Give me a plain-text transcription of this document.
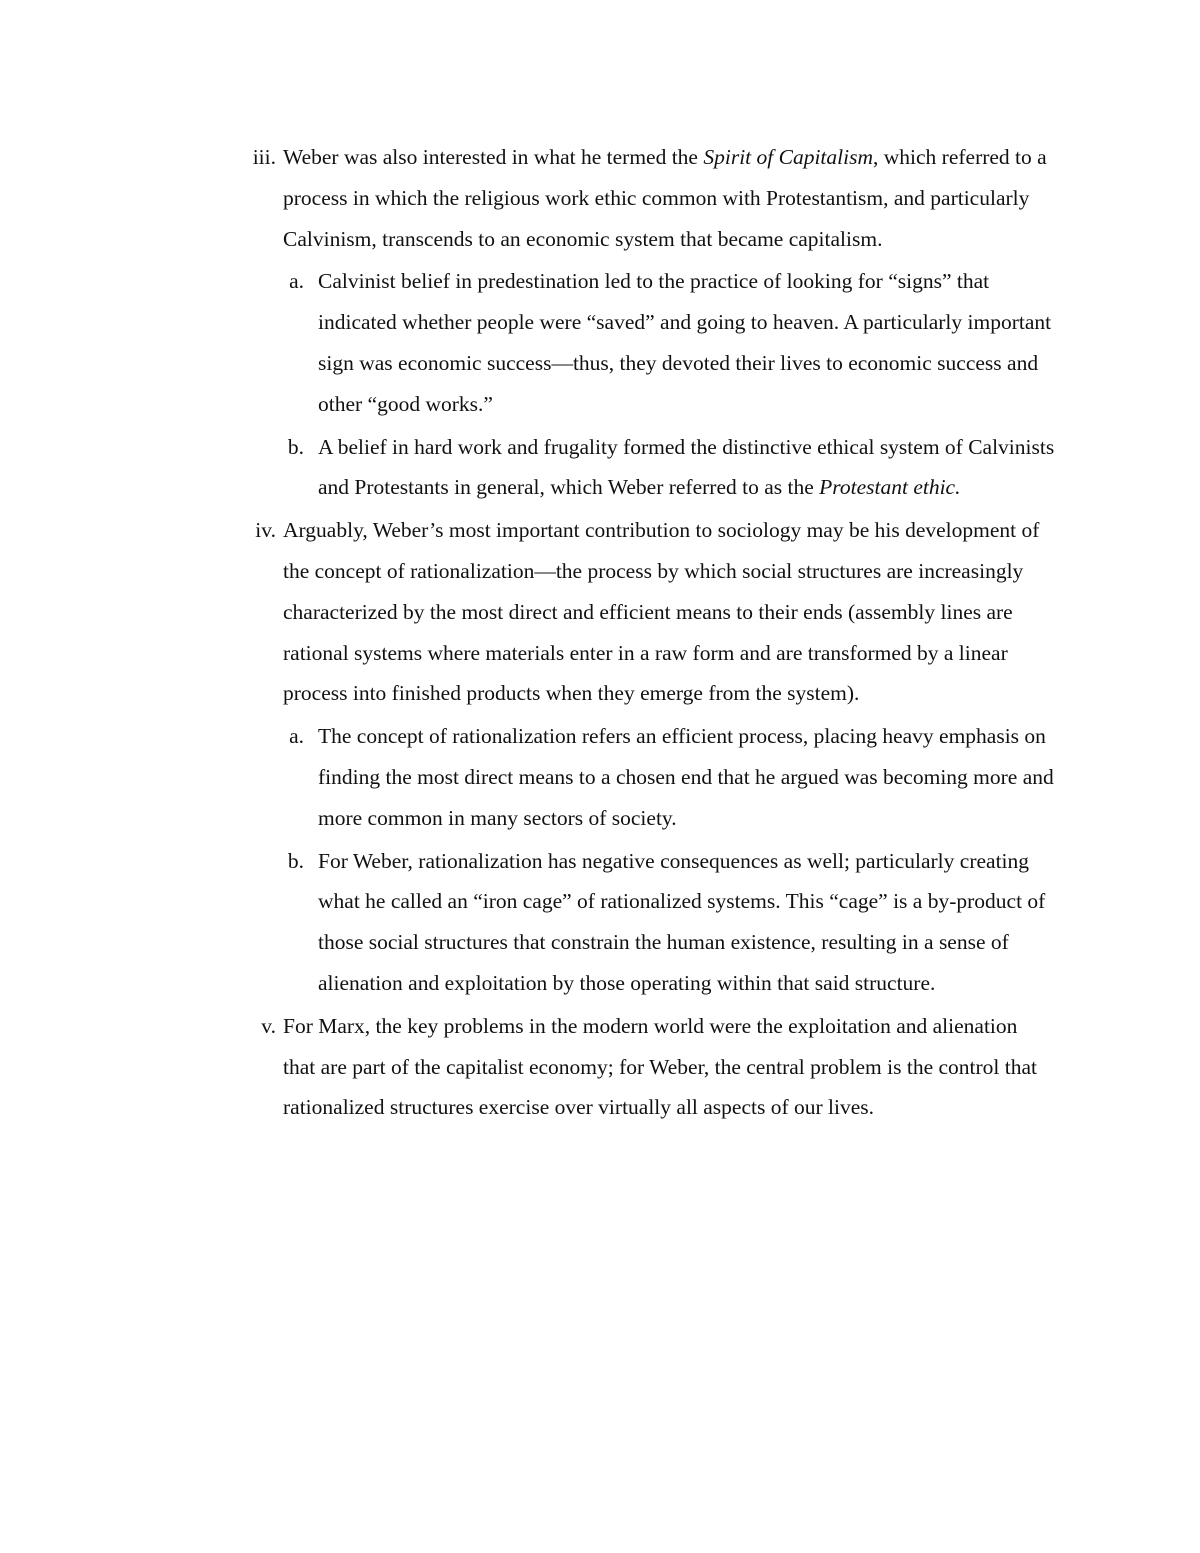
iii. Weber was also interested in what he termed the Spirit of Capitalism, which referred to a process in which the religious work ethic common with Protestantism, and particularly Calvinism, transcends to an economic system that became capitalism.
a. Calvinist belief in predestination led to the practice of looking for “signs” that indicated whether people were “saved” and going to heaven. A particularly important sign was economic success—thus, they devoted their lives to economic success and other “good works.”
b. A belief in hard work and frugality formed the distinctive ethical system of Calvinists and Protestants in general, which Weber referred to as the Protestant ethic.
iv. Arguably, Weber’s most important contribution to sociology may be his development of the concept of rationalization—the process by which social structures are increasingly characterized by the most direct and efficient means to their ends (assembly lines are rational systems where materials enter in a raw form and are transformed by a linear process into finished products when they emerge from the system).
a. The concept of rationalization refers an efficient process, placing heavy emphasis on finding the most direct means to a chosen end that he argued was becoming more and more common in many sectors of society.
b. For Weber, rationalization has negative consequences as well; particularly creating what he called an “iron cage” of rationalized systems. This “cage” is a by-product of those social structures that constrain the human existence, resulting in a sense of alienation and exploitation by those operating within that said structure.
v. For Marx, the key problems in the modern world were the exploitation and alienation that are part of the capitalist economy; for Weber, the central problem is the control that rationalized structures exercise over virtually all aspects of our lives.
